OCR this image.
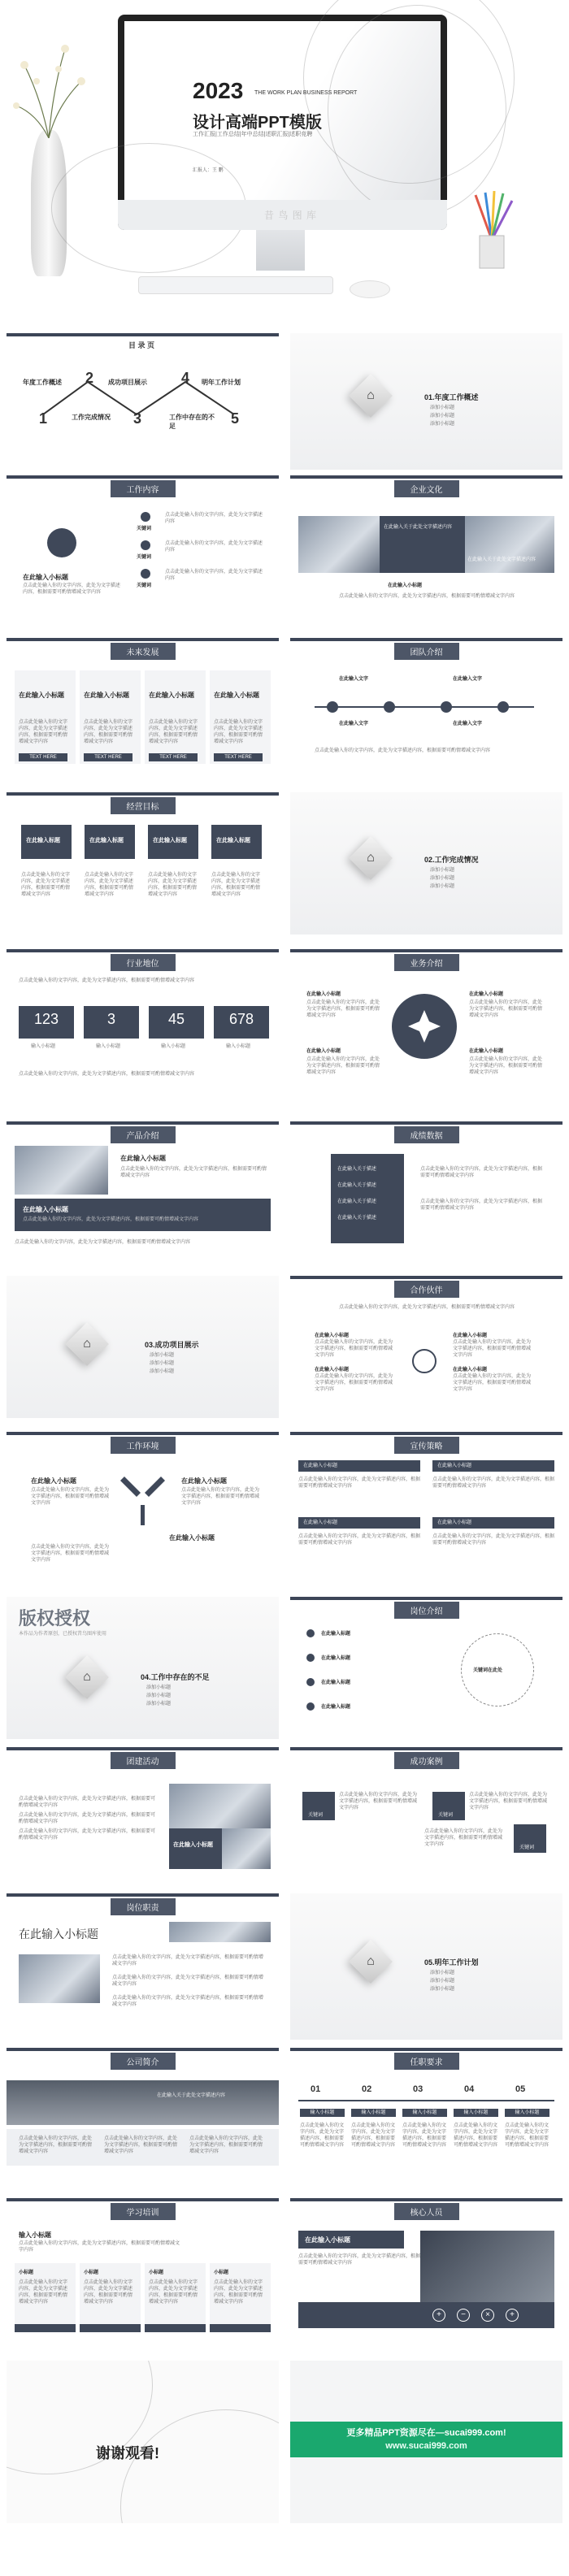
2023 THE WORK PLAN BUSINESS REPORT
设计高端PPT模版
工作汇报|工作总结|年中总结|述职汇报|述职竞聘
汇报人：王 鹏
昔 鸟 图 库
目 录 页
1
2
3
4
5
年度工作概述	成功项目展示
工作完成情况
明年工作计划
工作中存在的不足
⌂	01.年度工作概述
添加小标题
添加小标题
添加小标题
工作内容
在此输入小标题
点击此处输入你的文字内容，此处为文字描述内容，根据需要可酌情增减文字内容
关键词
关键词
关键词
点击此处输入你的文字内容，此处为文字描述内容
点击此处输入你的文字内容，此处为文字描述内容
点击此处输入你的文字内容，此处为文字描述内容
企业文化
在此输入关于此处文字描述内容
在此输入关于此处文字描述内容
在此输入小标题
点击此处输入你的文字内容，此处为文字描述内容，根据需要可酌情增减文字内容
未来发展
在此输入小标题	在此输入小标题	在此输入小标题	在此输入小标题
点击此处输入你的文字内容，此处为文字描述内容，根据需要可酌情增减文字内容
点击此处输入你的文字内容，此处为文字描述内容，根据需要可酌情增减文字内容
点击此处输入你的文字内容，此处为文字描述内容，根据需要可酌情增减文字内容
点击此处输入你的文字内容，此处为文字描述内容，根据需要可酌情增减文字内容
TEXT HERE	TEXT HERE	TEXT HERE	TEXT HERE
团队介绍
在此输入文字
在此输入文字
在此输入文字
在此输入文字
点击此处输入你的文字内容，此处为文字描述内容，根据需要可酌情增减文字内容
经营目标
在此输入标题	在此输入标题	在此输入标题	在此输入标题
点击此处输入你的文字内容，此处为文字描述内容，根据需要可酌情增减文字内容
点击此处输入你的文字内容，此处为文字描述内容，根据需要可酌情增减文字内容
点击此处输入你的文字内容，此处为文字描述内容，根据需要可酌情增减文字内容
点击此处输入你的文字内容，此处为文字描述内容，根据需要可酌情增减文字内容
⌂	02.工作完成情况
添加小标题
添加小标题
添加小标题
行业地位
点击此处输入你的文字内容，此处为文字描述内容，根据需要可酌情增减文字内容
123	3	45	678
输入小标题	输入小标题	输入小标题	输入小标题
点击此处输入你的文字内容，此处为文字描述内容，根据需要可酌情增减文字内容
业务介绍
在此输入小标题	在此输入小标题
在此输入小标题	在此输入小标题
点击此处输入你的文字内容，此处为文字描述内容，根据需要可酌情增减文字内容
点击此处输入你的文字内容，此处为文字描述内容，根据需要可酌情增减文字内容
点击此处输入你的文字内容，此处为文字描述内容，根据需要可酌情增减文字内容
点击此处输入你的文字内容，此处为文字描述内容，根据需要可酌情增减文字内容
产品介绍
在此输入小标题
点击此处输入你的文字内容，此处为文字描述内容，根据需要可酌情增减文字内容
在此输入小标题
点击此处输入你的文字内容，此处为文字描述内容，根据需要可酌情增减文字内容
点击此处输入你的文字内容，此处为文字描述内容，根据需要可酌情增减文字内容
成绩数据
在此输入关于描述
在此输入关于描述
在此输入关于描述
在此输入关于描述
点击此处输入你的文字内容，此处为文字描述内容，根据需要可酌情增减文字内容
点击此处输入你的文字内容，此处为文字描述内容，根据需要可酌情增减文字内容
⌂	03.成功项目展示
添加小标题
添加小标题
添加小标题
合作伙伴
点击此处输入你的文字内容，此处为文字描述内容，根据需要可酌情增减文字内容
在此输入小标题	在此输入小标题
在此输入小标题	在此输入小标题
点击此处输入你的文字内容，此处为文字描述内容，根据需要可酌情增减文字内容
点击此处输入你的文字内容，此处为文字描述内容，根据需要可酌情增减文字内容
点击此处输入你的文字内容，此处为文字描述内容，根据需要可酌情增减文字内容
点击此处输入你的文字内容，此处为文字描述内容，根据需要可酌情增减文字内容
工作环境
在此输入小标题	在此输入小标题
在此输入小标题
点击此处输入你的文字内容，此处为文字描述内容，根据需要可酌情增减文字内容
点击此处输入你的文字内容，此处为文字描述内容，根据需要可酌情增减文字内容
点击此处输入你的文字内容，此处为文字描述内容，根据需要可酌情增减文字内容
宣传策略
在此输入小标题	在此输入小标题
在此输入小标题	在此输入小标题
点击此处输入你的文字内容，此处为文字描述内容，根据需要可酌情增减文字内容
点击此处输入你的文字内容，此处为文字描述内容，根据需要可酌情增减文字内容
点击此处输入你的文字内容，此处为文字描述内容，根据需要可酌情增减文字内容
点击此处输入你的文字内容，此处为文字描述内容，根据需要可酌情增减文字内容
版权授权
本作品为作者原创，已授权昔鸟图库使用
⌂	04.工作中存在的不足
添加小标题
添加小标题
添加小标题
岗位介绍
关键词在此处
在此输入标题
在此输入标题
在此输入标题
在此输入标题
团建活动
点击此处输入你的文字内容，此处为文字描述内容，根据需要可酌情增减文字内容
点击此处输入你的文字内容，此处为文字描述内容，根据需要可酌情增减文字内容
点击此处输入你的文字内容，此处为文字描述内容，根据需要可酌情增减文字内容
在此输入小标题
成功案例
关键词	关键词
关键词
点击此处输入你的文字内容，此处为文字描述内容，根据需要可酌情增减文字内容
点击此处输入你的文字内容，此处为文字描述内容，根据需要可酌情增减文字内容
点击此处输入你的文字内容，此处为文字描述内容，根据需要可酌情增减文字内容
岗位职责
在此输入小标题
点击此处输入你的文字内容，此处为文字描述内容，根据需要可酌情增减文字内容
点击此处输入你的文字内容，此处为文字描述内容，根据需要可酌情增减文字内容
点击此处输入你的文字内容，此处为文字描述内容，根据需要可酌情增减文字内容
⌂	05.明年工作计划
添加小标题
添加小标题
添加小标题
公司简介
在此输入关于此处文字描述内容
点击此处输入你的文字内容，此处为文字描述内容，根据需要可酌情增减文字内容
点击此处输入你的文字内容，此处为文字描述内容，根据需要可酌情增减文字内容
点击此处输入你的文字内容，此处为文字描述内容，根据需要可酌情增减文字内容
任职要求
01	02	03	04	05
输入小标题	输入小标题	输入小标题	输入小标题	输入小标题
点击此处输入你的文字内容，此处为文字描述内容，根据需要可酌情增减文字内容
点击此处输入你的文字内容，此处为文字描述内容，根据需要可酌情增减文字内容
点击此处输入你的文字内容，此处为文字描述内容，根据需要可酌情增减文字内容
点击此处输入你的文字内容，此处为文字描述内容，根据需要可酌情增减文字内容
点击此处输入你的文字内容，此处为文字描述内容，根据需要可酌情增减文字内容
学习培训
输入小标题
点击此处输入你的文字内容，此处为文字描述内容，根据需要可酌情增减文字内容
小标题	小标题	小标题	小标题
点击此处输入你的文字内容，此处为文字描述内容，根据需要可酌情增减文字内容
点击此处输入你的文字内容，此处为文字描述内容，根据需要可酌情增减文字内容
点击此处输入你的文字内容，此处为文字描述内容，根据需要可酌情增减文字内容
点击此处输入你的文字内容，此处为文字描述内容，根据需要可酌情增减文字内容
核心人员
在此输入小标题
点击此处输入你的文字内容，此处为文字描述内容，根据需要可酌情增减文字内容
+	−	×	+
谢谢观看!
更多精品PPT资源尽在—sucai999.com!
www.sucai999.com
